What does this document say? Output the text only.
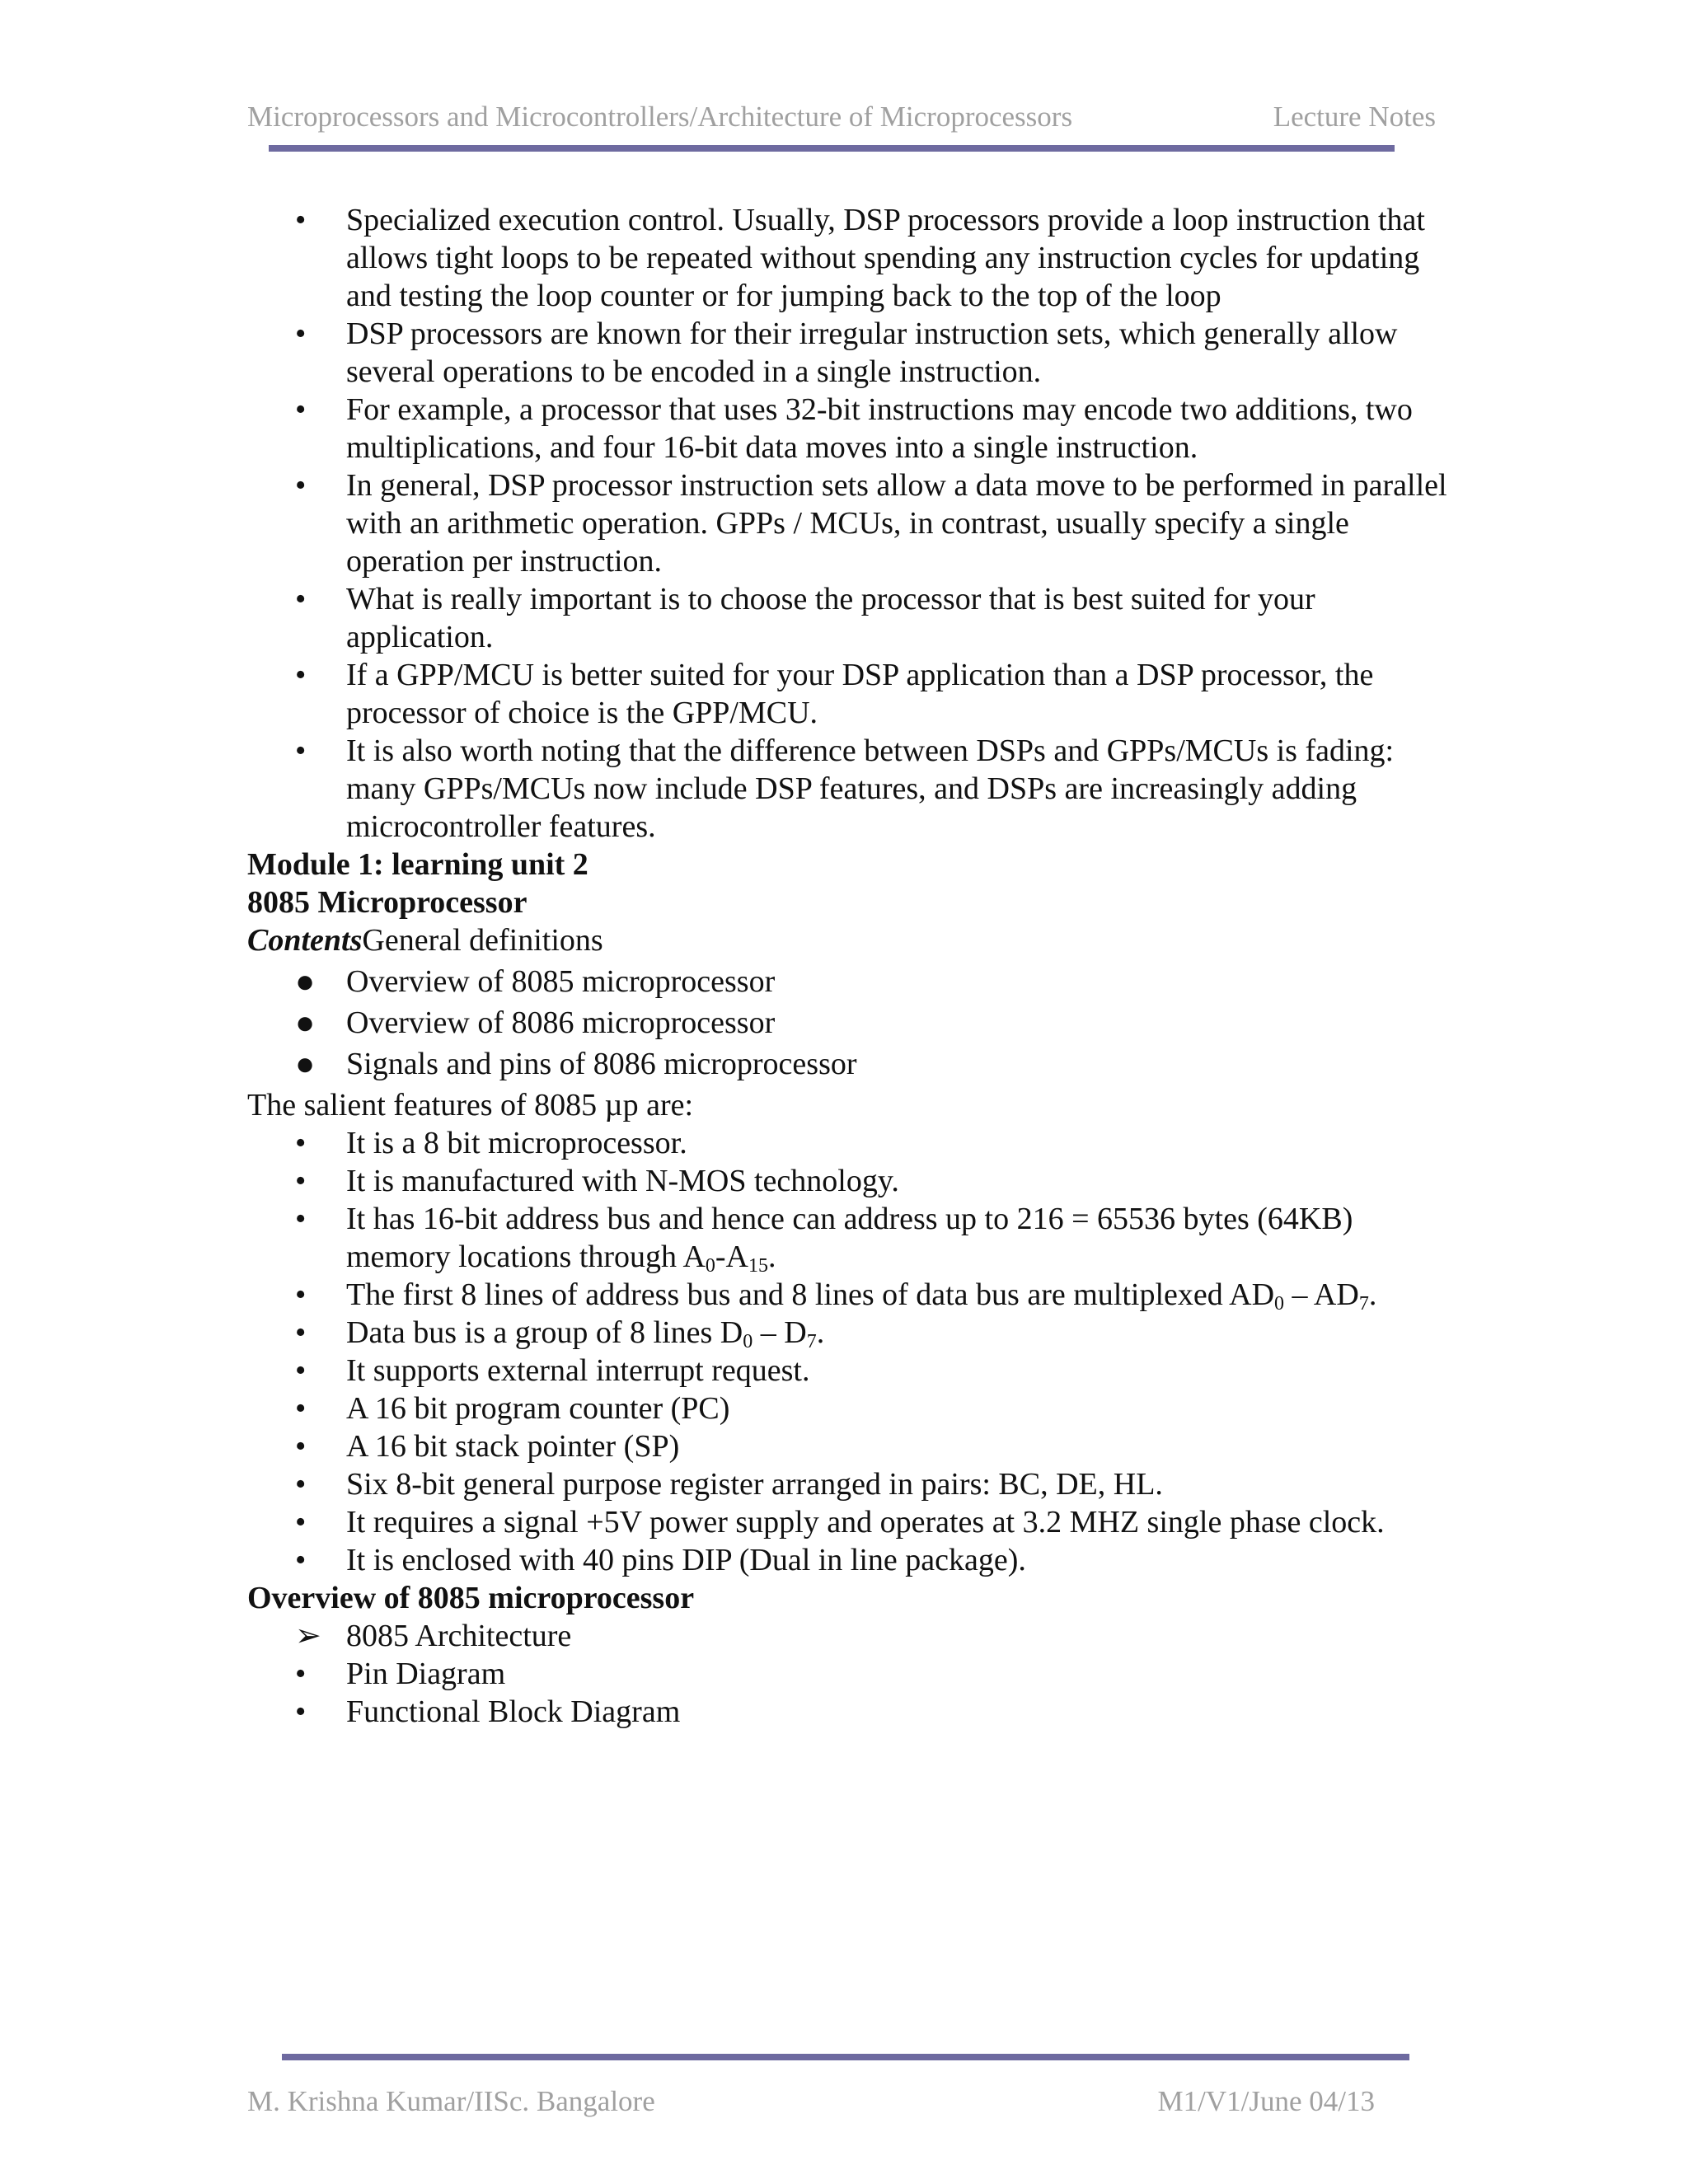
Microprocessors and Microcontrollers/Architecture of Microprocessors	Lecture Notes
•	Specialized execution control. Usually, DSP processors provide a loop instruction that allows tight loops to be repeated without spending any instruction cycles for updating and testing the loop counter or for jumping back to the top of the loop
•	DSP processors are known for their irregular instruction sets, which generally allow several operations to be encoded in a single instruction.
•	For example, a processor that uses 32-bit instructions may encode two additions, two multiplications, and four 16-bit data moves into a single instruction.
•	In general, DSP processor instruction sets allow a data move to be performed in parallel with an arithmetic operation. GPPs / MCUs, in contrast, usually specify a single operation per instruction.
•	What is really important is to choose the processor that is best suited for your application.
•	If a GPP/MCU is better suited for your DSP application than a DSP processor, the processor of choice is the GPP/MCU.
•	It is also worth noting that the difference between DSPs and GPPs/MCUs is fading: many GPPs/MCUs now include DSP features, and DSPs are increasingly adding microcontroller features.

Module 1: learning unit 2

8085 Microprocessor

ContentsGeneral definitions

● Overview of 8085 microprocessor
● Overview of 8086 microprocessor
● Signals and pins of 8086 microprocessor

The salient features of 8085 µp are:

•	It is a 8 bit microprocessor.
•	It is manufactured with N-MOS technology.
•	It has 16-bit address bus and hence can address up to 216 = 65536 bytes (64KB) memory locations through $A_0-A_{15}$.
•	The first 8 lines of address bus and 8 lines of data bus are multiplexed $AD_0 - AD_7$.
•	Data bus is a group of 8 lines $D_0 - D_7$.
•	It supports external interrupt request.
•	A 16 bit program counter (PC)
•	A 16 bit stack pointer (SP)
•	Six 8-bit general purpose register arranged in pairs: BC, DE, HL.
•	It requires a signal +5V power supply and operates at 3.2 MHZ single phase clock.
•	It is enclosed with 40 pins DIP (Dual in line package).

Overview of 8085 microprocessor

➢ 8085 Architecture
•	Pin Diagram
•	Functional Block Diagram
M. Krishna Kumar/IISc. Bangalore	M1/V1/June 04/13
